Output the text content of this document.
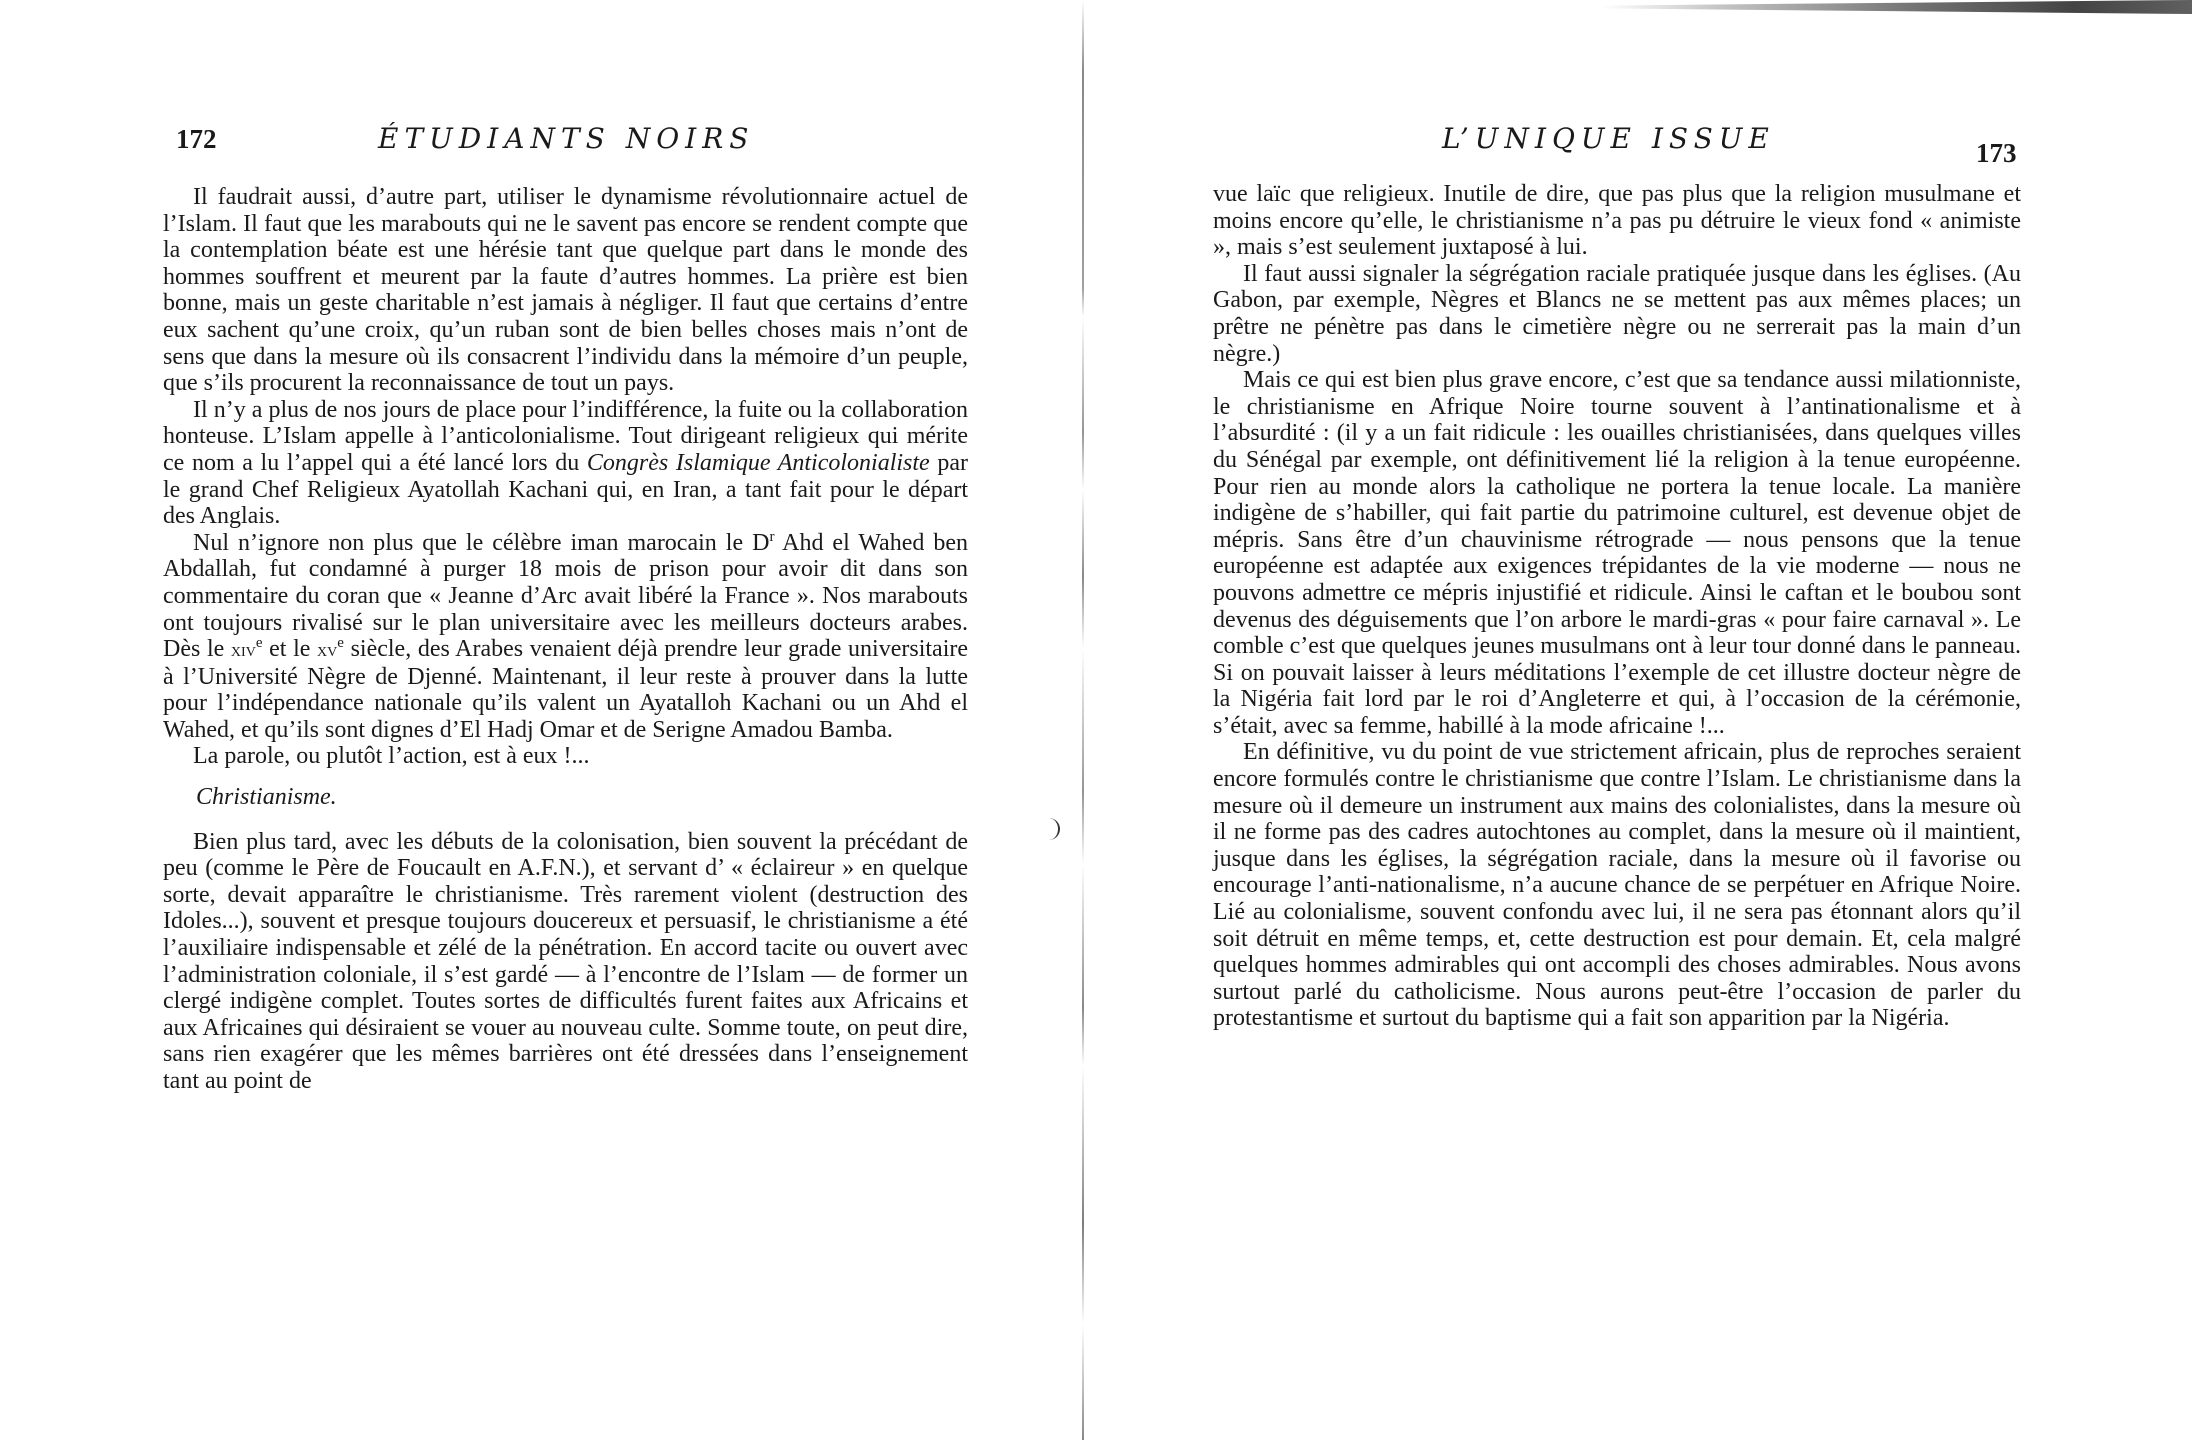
172	ÉTUDIANTS NOIRS

Il faudrait aussi, d’autre part, utiliser le dynamisme révolutionnaire actuel de l’Islam. Il faut que les marabouts qui ne le savent pas encore se rendent compte que la contemplation béate est une hérésie tant que quelque part dans le monde des hommes souffrent et meurent par la faute d’autres hommes. La prière est bien bonne, mais un geste charitable n’est jamais à négliger. Il faut que certains d’entre eux sachent qu’une croix, qu’un ruban sont de bien belles choses mais n’ont de sens que dans la mesure où ils consacrent l’individu dans la mémoire d’un peuple, que s’ils procurent la reconnaissance de tout un pays.

Il n’y a plus de nos jours de place pour l’indifférence, la fuite ou la collaboration honteuse. L’Islam appelle à l’anticolonialisme. Tout dirigeant religieux qui mérite ce nom a lu l’appel qui a été lancé lors du Congrès Islamique Anticolonialiste par le grand Chef Religieux Ayatollah Kachani qui, en Iran, a tant fait pour le départ des Anglais.

Nul n’ignore non plus que le célèbre iman marocain le $D^r$ Ahd el Wahed ben Abdallah, fut condamné à purger 18 mois de prison pour avoir dit dans son commentaire du coran que « Jeanne d’Arc avait libéré la France ». Nos marabouts ont toujours rivalisé sur le plan universitaire avec les meilleurs docteurs arabes. Dès le xiv$^e$ et le $xv^e$ siècle, des Arabes venaient déjà prendre leur grade universitaire à l’Université Nègre de Djenné. Maintenant, il leur reste à prouver dans la lutte pour l’indépendance nationale qu’ils valent un Ayatalloh Kachani ou un Ahd el Wahed, et qu’ils sont dignes d’El Hadj Omar et de Serigne Amadou Bamba.

La parole, ou plutôt l’action, est à eux !...

Christianisme.

Bien plus tard, avec les débuts de la colonisation, bien souvent la précédant de peu (comme le Père de Foucault en A.F.N.), et servant d’ « éclaireur » en quelque sorte, devait apparaître le christianisme. Très rarement violent (destruction des Idoles...), souvent et presque toujours doucereux et persuasif, le christianisme a été l’auxiliaire indispensable et zélé de la pénétration. En accord tacite ou ouvert avec l’administration coloniale, il s’est gardé — à l’encontre de l’Islam — de former un clergé indigène complet. Toutes sortes de difficultés furent faites aux Africains et aux Africaines qui désiraient se vouer au nouveau culte. Somme toute, on peut dire, sans rien exagérer que les mêmes barrières ont été dressées dans l’enseignement tant au point de

L’UNIQUE ISSUE	173

vue laïc que religieux. Inutile de dire, que pas plus que la religion musulmane et moins encore qu’elle, le christianisme n’a pas pu détruire le vieux fond « animiste », mais s’est seulement juxtaposé à lui.

Il faut aussi signaler la ségrégation raciale pratiquée jusque dans les églises. (Au Gabon, par exemple, Nègres et Blancs ne se mettent pas aux mêmes places; un prêtre ne pénètre pas dans le cimetière nègre ou ne serrerait pas la main d’un nègre.)

Mais ce qui est bien plus grave encore, c’est que sa tendance aussi milationniste, le christianisme en Afrique Noire tourne souvent à l’antinationalisme et à l’absurdité : (il y a un fait ridicule : les ouailles christianisées, dans quelques villes du Sénégal par exemple, ont définitivement lié la religion à la tenue européenne. Pour rien au monde alors la catholique ne portera la tenue locale. La manière indigène de s’habiller, qui fait partie du patrimoine culturel, est devenue objet de mépris. Sans être d’un chauvinisme rétrograde — nous pensons que la tenue européenne est adaptée aux exigences trépidantes de la vie moderne — nous ne pouvons admettre ce mépris injustifié et ridicule. Ainsi le caftan et le boubou sont devenus des déguisements que l’on arbore le mardi-gras « pour faire carnaval ». Le comble c’est que quelques jeunes musulmans ont à leur tour donné dans le panneau. Si on pouvait laisser à leurs méditations l’exemple de cet illustre docteur nègre de la Nigéria fait lord par le roi d’Angleterre et qui, à l’occasion de la cérémonie, s’était, avec sa femme, habillé à la mode africaine !...

En définitive, vu du point de vue strictement africain, plus de reproches seraient encore formulés contre le christianisme que contre l’Islam. Le christianisme dans la mesure où il demeure un instrument aux mains des colonialistes, dans la mesure où il ne forme pas des cadres autochtones au complet, dans la mesure où il maintient, jusque dans les églises, la ségrégation raciale, dans la mesure où il favorise ou encourage l’anti-nationalisme, n’a aucune chance de se perpétuer en Afrique Noire. Lié au colonialisme, souvent confondu avec lui, il ne sera pas étonnant alors qu’il soit détruit en même temps, et, cette destruction est pour demain. Et, cela malgré quelques hommes admirables qui ont accompli des choses admirables. Nous avons surtout parlé du catholicisme. Nous aurons peut-être l’occasion de parler du protestantisme et surtout du baptisme qui a fait son apparition par la Nigéria.
